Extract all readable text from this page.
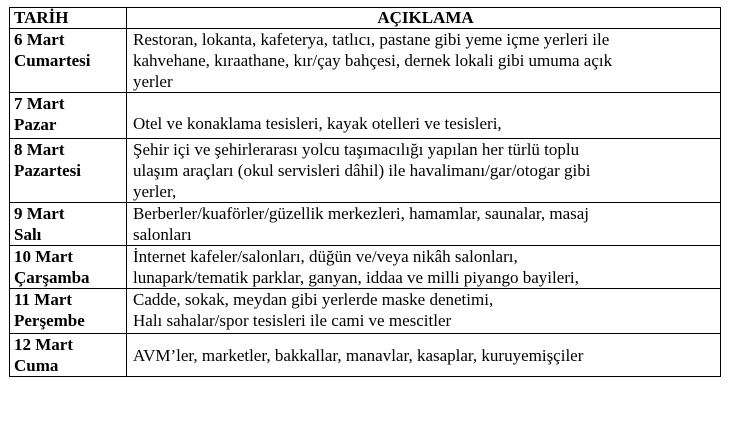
TARİH	AÇIKLAMA

6 Mart
Cumartesi	Restoran, lokanta, kafeterya, tatlıcı, pastane gibi yeme içme yerleri ile
kahvehane, kıraathane, kır/çay bahçesi, dernek lokali gibi umuma açık
yerler

7 Mart
Pazar	Otel ve konaklama tesisleri, kayak otelleri ve tesisleri,

8 Mart
Pazartesi	Şehir içi ve şehirlerarası yolcu taşımacılığı yapılan her türlü toplu
ulaşım araçları (okul servisleri dâhil) ile havalimanı/gar/otogar gibi
yerler,

9 Mart
Salı	Berberler/kuaförler/güzellik merkezleri, hamamlar, saunalar, masaj
salonları

10 Mart
Çarşamba	İnternet kafeler/salonları, düğün ve/veya nikâh salonları,
lunapark/tematik parklar, ganyan, iddaa ve milli piyango bayileri,

11 Mart
Perşembe	Cadde, sokak, meydan gibi yerlerde maske denetimi,
Halı sahalar/spor tesisleri ile cami ve mescitler

12 Mart
Cuma	AVM’ler, marketler, bakkallar, manavlar, kasaplar, kuruyemişçiler
